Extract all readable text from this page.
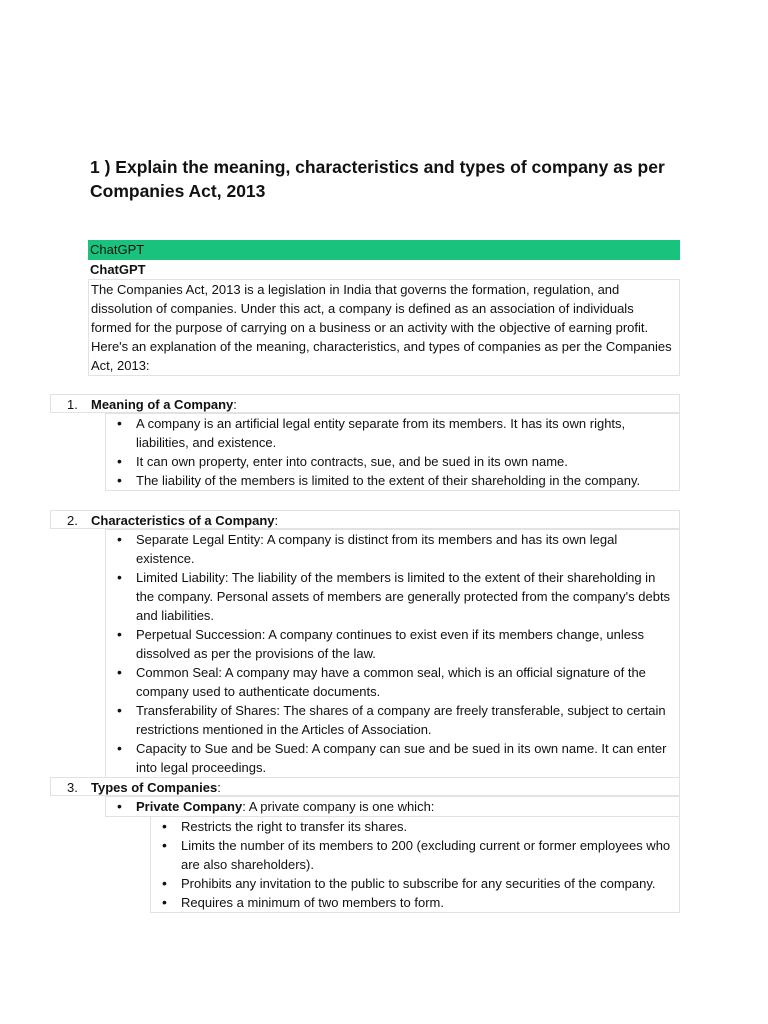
1 ) Explain the meaning, characteristics and types of company as per Companies Act, 2013
ChatGPT
ChatGPT
The Companies Act, 2013 is a legislation in India that governs the formation, regulation, and dissolution of companies. Under this act, a company is defined as an association of individuals formed for the purpose of carrying on a business or an activity with the objective of earning profit. Here's an explanation of the meaning, characteristics, and types of companies as per the Companies Act, 2013:
1. Meaning of a Company:
• A company is an artificial legal entity separate from its members. It has its own rights, liabilities, and existence.
• It can own property, enter into contracts, sue, and be sued in its own name.
• The liability of the members is limited to the extent of their shareholding in the company.
2. Characteristics of a Company:
• Separate Legal Entity: A company is distinct from its members and has its own legal existence.
• Limited Liability: The liability of the members is limited to the extent of their shareholding in the company. Personal assets of members are generally protected from the company's debts and liabilities.
• Perpetual Succession: A company continues to exist even if its members change, unless dissolved as per the provisions of the law.
• Common Seal: A company may have a common seal, which is an official signature of the company used to authenticate documents.
• Transferability of Shares: The shares of a company are freely transferable, subject to certain restrictions mentioned in the Articles of Association.
• Capacity to Sue and be Sued: A company can sue and be sued in its own name. It can enter into legal proceedings.
3. Types of Companies:
• Private Company: A private company is one which:
• Restricts the right to transfer its shares.
• Limits the number of its members to 200 (excluding current or former employees who are also shareholders).
• Prohibits any invitation to the public to subscribe for any securities of the company.
• Requires a minimum of two members to form.
